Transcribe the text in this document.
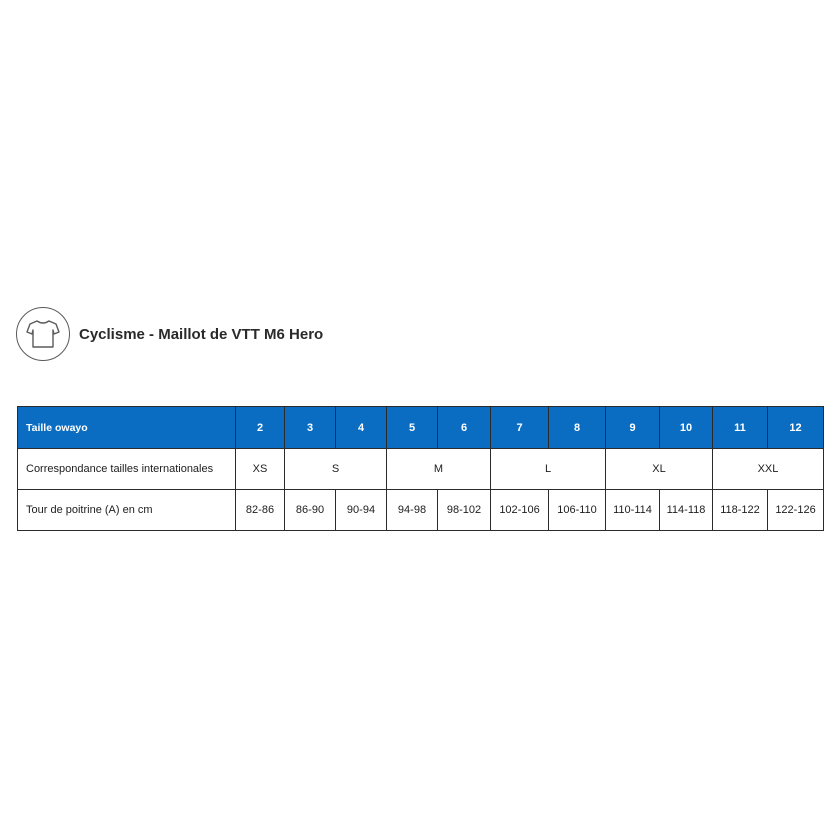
Cyclisme - Maillot de VTT M6 Hero
Taille owayo	2	3	4	5	6	7	8	9	10	11	12
Correspondance tailles internationales	XS	S		M		L		XL		XXL	
Tour de poitrine (A) en cm	82-86	86-90	90-94	94-98	98-102	102-106	106-110	110-114	114-118	118-122	122-126
